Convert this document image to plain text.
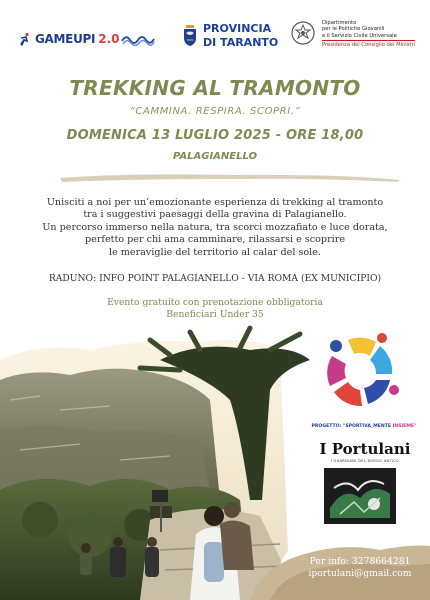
GAMEUPI 2.0
PROVINCIA
DI TARANTO
Dipartimento
per le Politiche Giovanili
e il Servizio Civile Universale
Presidenza del Consiglio dei Ministri
TREKKING AL TRAMONTO
“CAMMINA. RESPIRA. SCOPRI.”
DOMENICA 13 LUGLIO 2025 - ORE 18,00
PALAGIANELLO
Unisciti a noi per un’emozionante esperienza di trekking al tramonto
tra i suggestivi paesaggi della gravina di Palagianello.
Un percorso immerso nella natura, tra scorci mozzafiato e luce dorata,
perfetto per chi ama camminare, rilassarsi e scoprire
le meraviglie del territorio al calar del sole.
RADUNO: INFO POINT PALAGIANELLO - VIA ROMA (EX MUNICIPIO)
Evento gratuito con prenotazione obbligatoria
Beneficiari Under 35
PROGETTO: "SPORTIVA_MENTE INSIEME"
I Portulani
I GUARDIANI DEL BORGO ANTICO
Per info: 3278664281
iportulani@gmail.com
